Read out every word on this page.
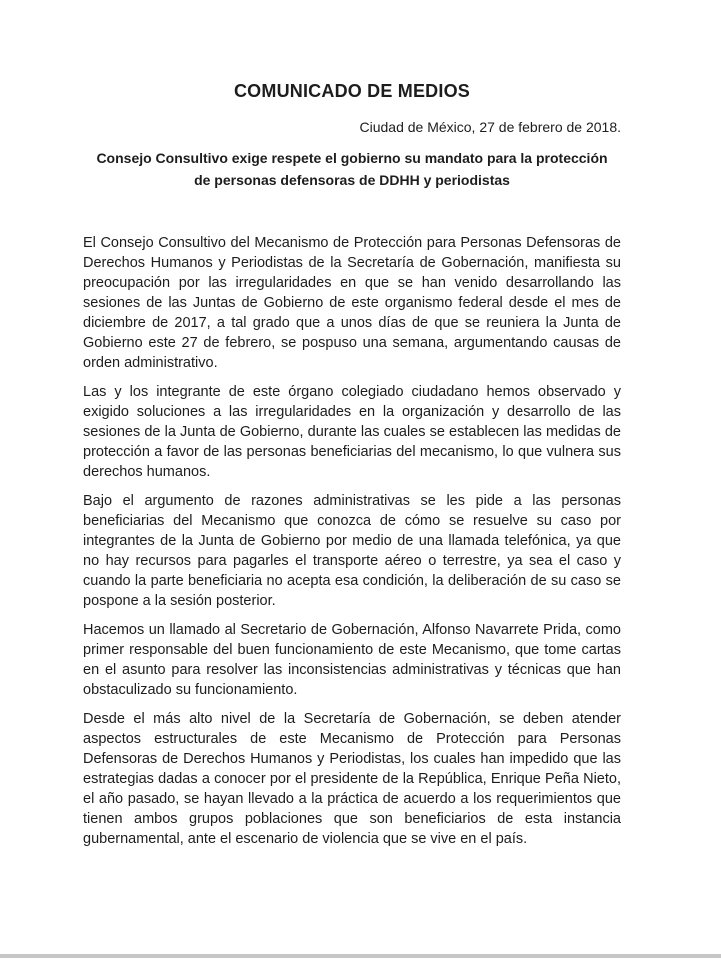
COMUNICADO DE MEDIOS
Ciudad de México, 27 de febrero de 2018.
Consejo Consultivo exige respete el gobierno su mandato para la protección
de personas defensoras de DDHH y periodistas

El Consejo Consultivo del Mecanismo de Protección para Personas Defensoras de Derechos Humanos y Periodistas de la Secretaría de Gobernación, manifiesta su preocupación por las irregularidades en que se han venido desarrollando las sesiones de las Juntas de Gobierno de este organismo federal desde el mes de diciembre de 2017, a tal grado que a unos días de que se reuniera la Junta de Gobierno este 27 de febrero, se pospuso una semana, argumentando causas de orden administrativo.

Las y los integrante de este órgano colegiado ciudadano hemos observado y exigido soluciones a las irregularidades en la organización y desarrollo de las sesiones de la Junta de Gobierno, durante las cuales se establecen las medidas de protección a favor de las personas beneficiarias del mecanismo, lo que vulnera sus derechos humanos.

Bajo el argumento de razones administrativas se les pide a las personas beneficiarias del Mecanismo que conozca de cómo se resuelve su caso por integrantes de la Junta de Gobierno por medio de una llamada telefónica, ya que no hay recursos para pagarles el transporte aéreo o terrestre, ya sea el caso y cuando la parte beneficiaria no acepta esa condición, la deliberación de su caso se pospone a la sesión posterior.

Hacemos un llamado al Secretario de Gobernación, Alfonso Navarrete Prida, como primer responsable del buen funcionamiento de este Mecanismo, que tome cartas en el asunto para resolver las inconsistencias administrativas y técnicas que han obstaculizado su funcionamiento.

Desde el más alto nivel de la Secretaría de Gobernación, se deben atender aspectos estructurales de este Mecanismo de Protección para Personas Defensoras de Derechos Humanos y Periodistas, los cuales han impedido que las estrategias dadas a conocer por el presidente de la República, Enrique Peña Nieto, el año pasado, se hayan llevado a la práctica de acuerdo a los requerimientos que tienen ambos grupos poblaciones que son beneficiarios de esta instancia gubernamental, ante el escenario de violencia que se vive en el país.
